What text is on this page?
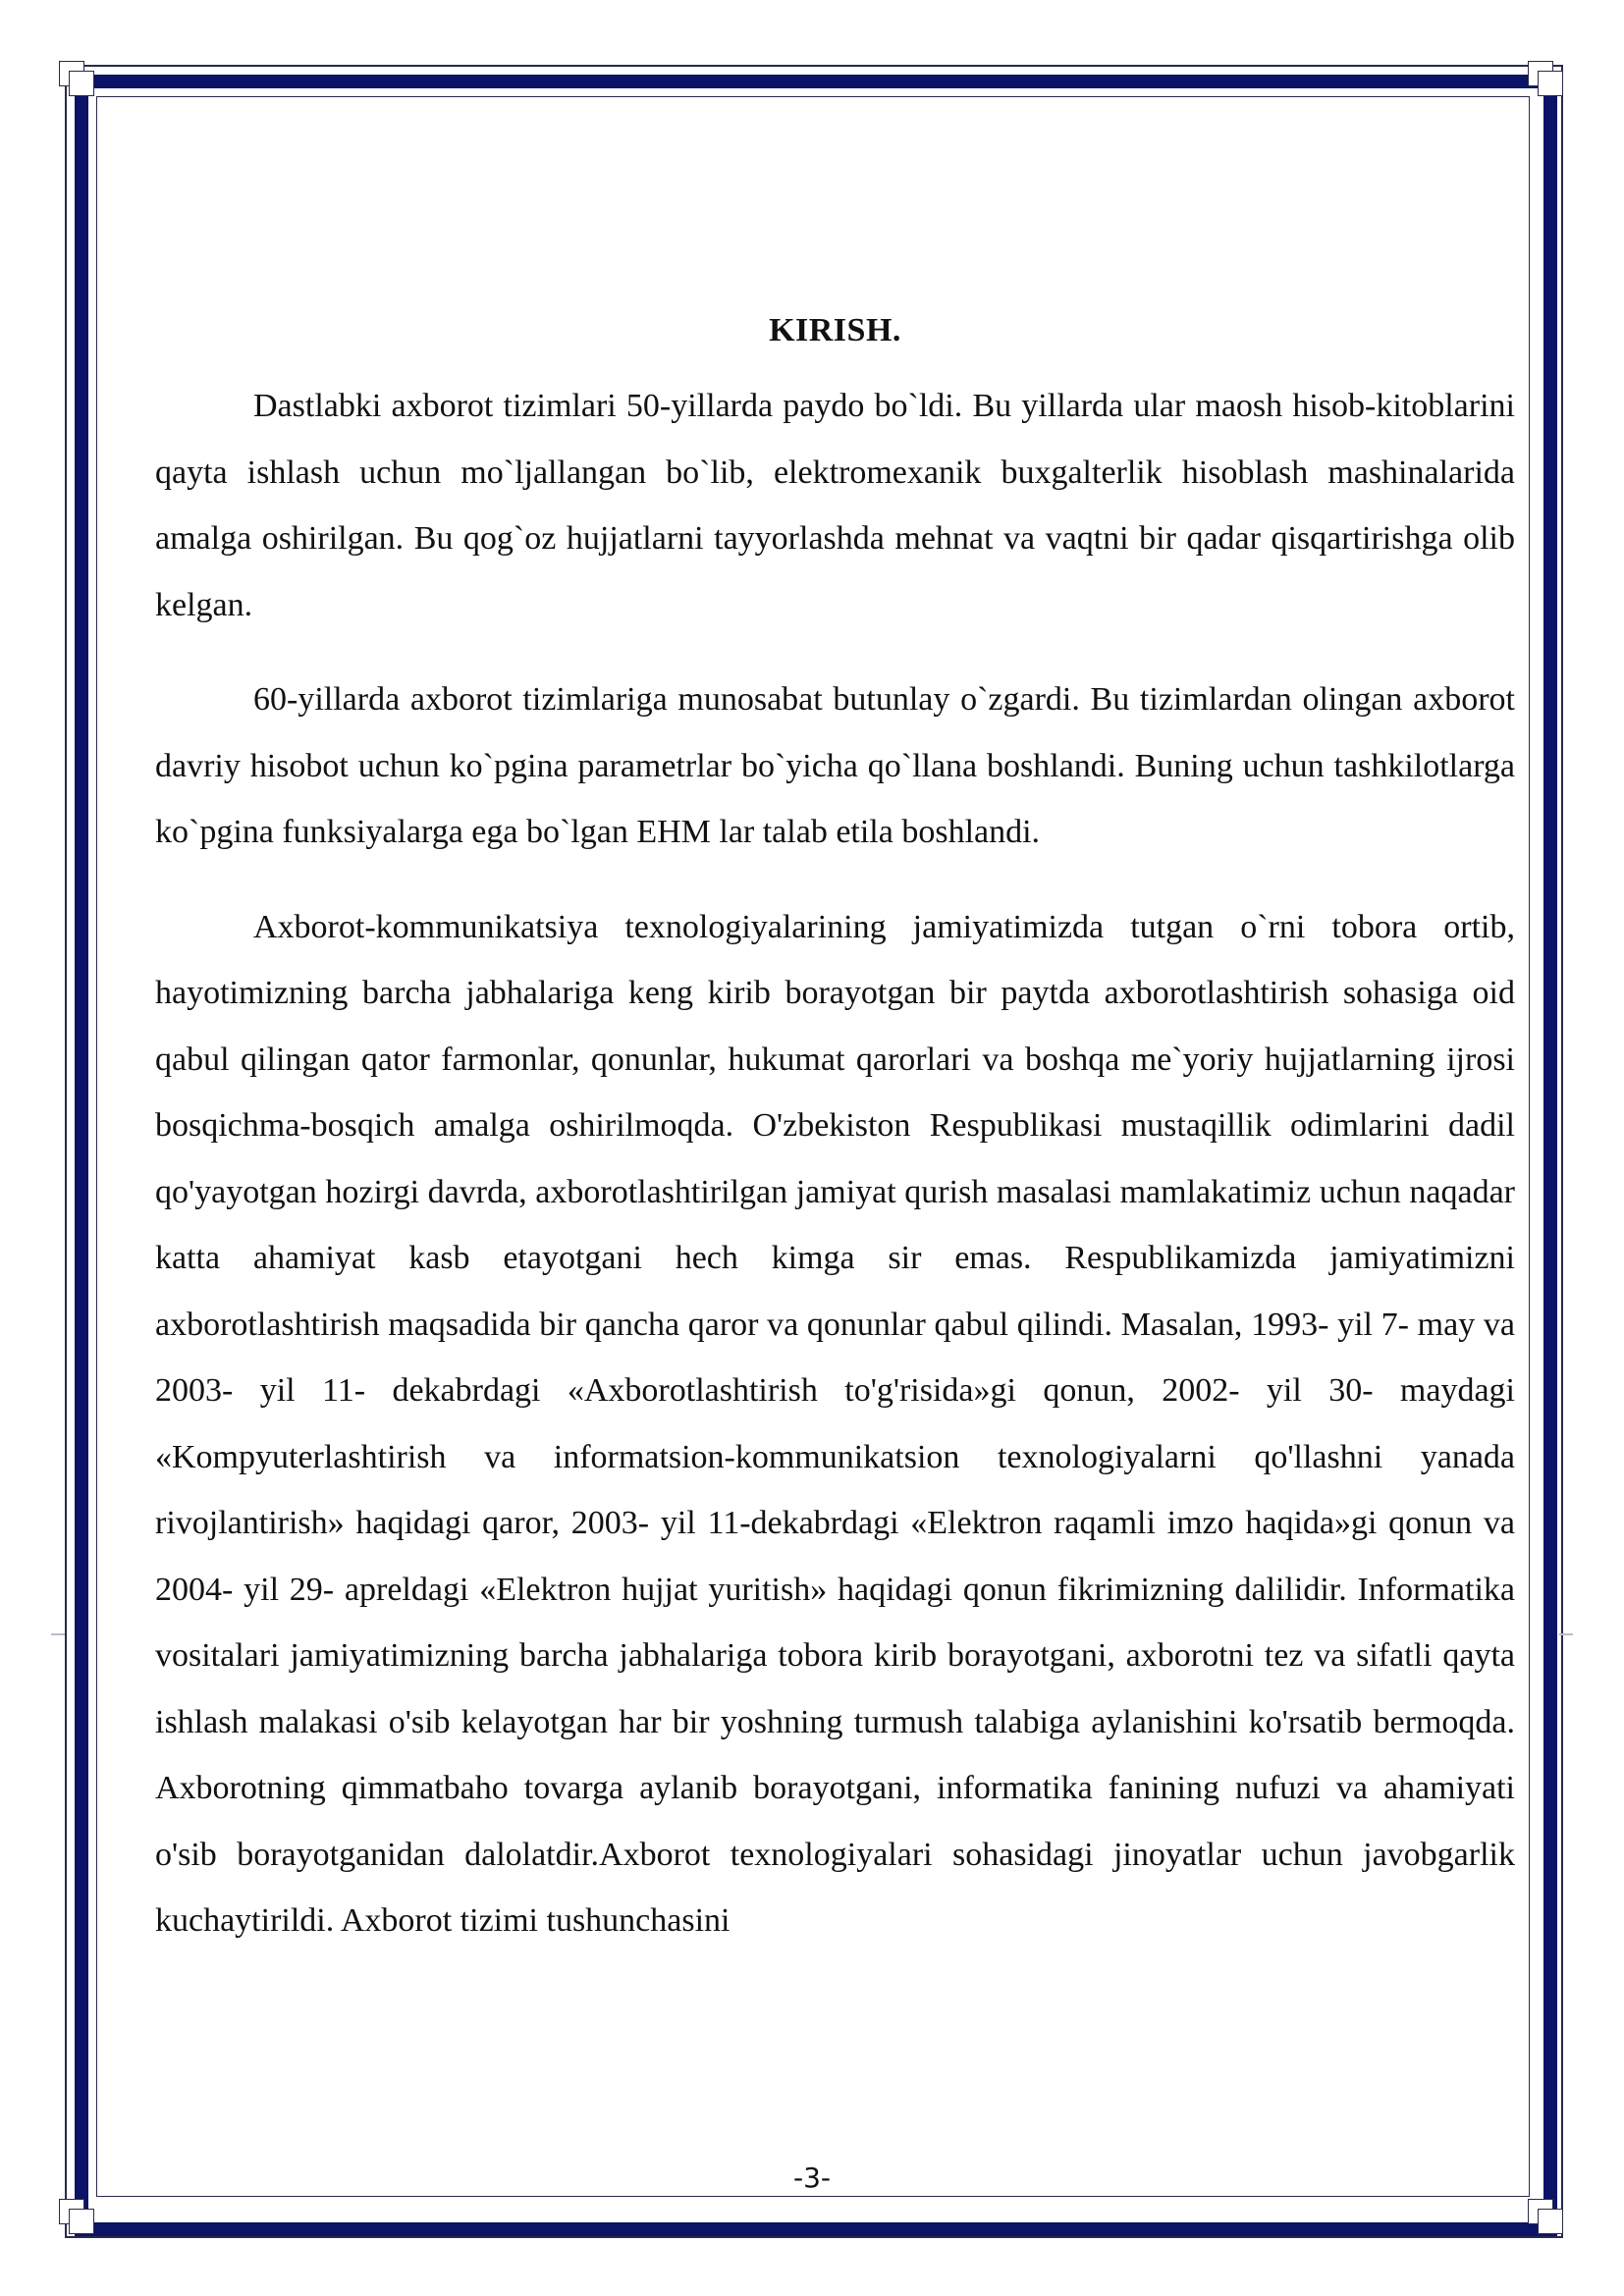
KIRISH.

Dastlabki axborot tizimlari 50-yillarda paydo bo`ldi. Bu yillarda ular maosh hisob-kitoblarini qayta ishlash uchun mo`ljallangan bo`lib, elektromexanik buxgalterlik hisoblash mashinalarida amalga oshirilgan. Bu qog`oz hujjatlarni tayyorlashda mehnat va vaqtni bir qadar qisqartirishga olib kelgan.

60-yillarda axborot tizimlariga munosabat butunlay o`zgardi. Bu tizimlardan olingan axborot davriy hisobot uchun ko`pgina parametrlar bo`yicha qo`llana boshlandi. Buning uchun tashkilotlarga ko`pgina funksiyalarga ega bo`lgan EHM lar talab etila boshlandi.

Axborot-kommunikatsiya texnologiyalarining jamiyatimizda tutgan o`rni tobora ortib, hayotimizning barcha jabhalariga keng kirib borayotgan bir paytda axborotlashtirish sohasiga oid qabul qilingan qator farmonlar, qonunlar, hukumat qarorlari va boshqa me`yoriy hujjatlarning ijrosi bosqichma-bosqich amalga oshirilmoqda. O'zbekiston Respublikasi mustaqillik odimlarini dadil qo'yayotgan hozirgi davrda, axborotlashtirilgan jamiyat qurish masalasi mamlakatimiz uchun naqadar katta ahamiyat kasb etayotgani hech kimga sir emas. Respublikamizda jamiyatimizni axborotlashtirish maqsadida bir qancha qaror va qonunlar qabul qilindi. Masalan, 1993- yil 7- may va 2003- yil 11- dekabrdagi «Axborotlashtirish to'g'risida»gi qonun, 2002- yil 30- maydagi «Kompyuterlashtirish va informatsion-kommunikatsion texnologiyalarni qo'llashni yanada rivojlantirish» haqidagi qaror, 2003- yil 11-dekabrdagi «Elektron raqamli imzo haqida»gi qonun va 2004- yil 29- apreldagi «Elektron hujjat yuritish» haqidagi qonun fikrimizning dalilidir. Informatika vositalari jamiyatimizning barcha jabhalariga tobora kirib borayotgani, axborotni tez va sifatli qayta ishlash malakasi o'sib kelayotgan har bir yoshning turmush talabiga aylanishini ko'rsatib bermoqda. Axborotning qimmatbaho tovarga aylanib borayotgani, informatika fanining nufuzi va ahamiyati o'sib borayotganidan dalolatdir.Axborot texnologiyalari sohasidagi jinoyatlar uchun javobgarlik kuchaytirildi. Axborot tizimi tushunchasini

-3-
